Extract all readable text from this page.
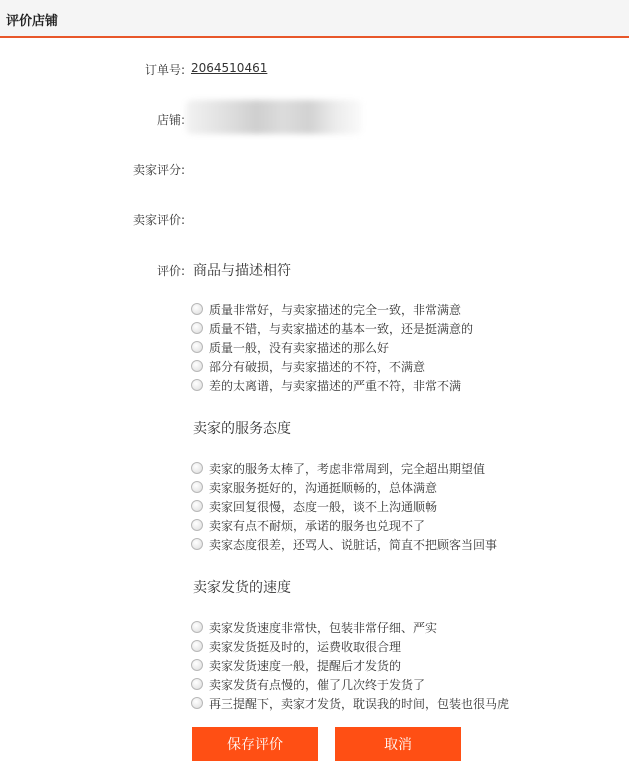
评价店铺
订单号: 2064510461
店铺:
卖家评分:
卖家评价:
评价: 商品与描述相符
质量非常好，与卖家描述的完全一致，非常满意
质量不错，与卖家描述的基本一致，还是挺满意的
质量一般，没有卖家描述的那么好
部分有破损，与卖家描述的不符，不满意
差的太离谱，与卖家描述的严重不符，非常不满
卖家的服务态度
卖家的服务太棒了，考虑非常周到，完全超出期望值
卖家服务挺好的，沟通挺顺畅的，总体满意
卖家回复很慢，态度一般，谈不上沟通顺畅
卖家有点不耐烦，承诺的服务也兑现不了
卖家态度很差，还骂人、说脏话，简直不把顾客当回事
卖家发货的速度
卖家发货速度非常快，包装非常仔细、严实
卖家发货挺及时的，运费收取很合理
卖家发货速度一般，提醒后才发货的
卖家发货有点慢的，催了几次终于发货了
再三提醒下，卖家才发货，耽误我的时间，包装也很马虎
保存评价	取消
